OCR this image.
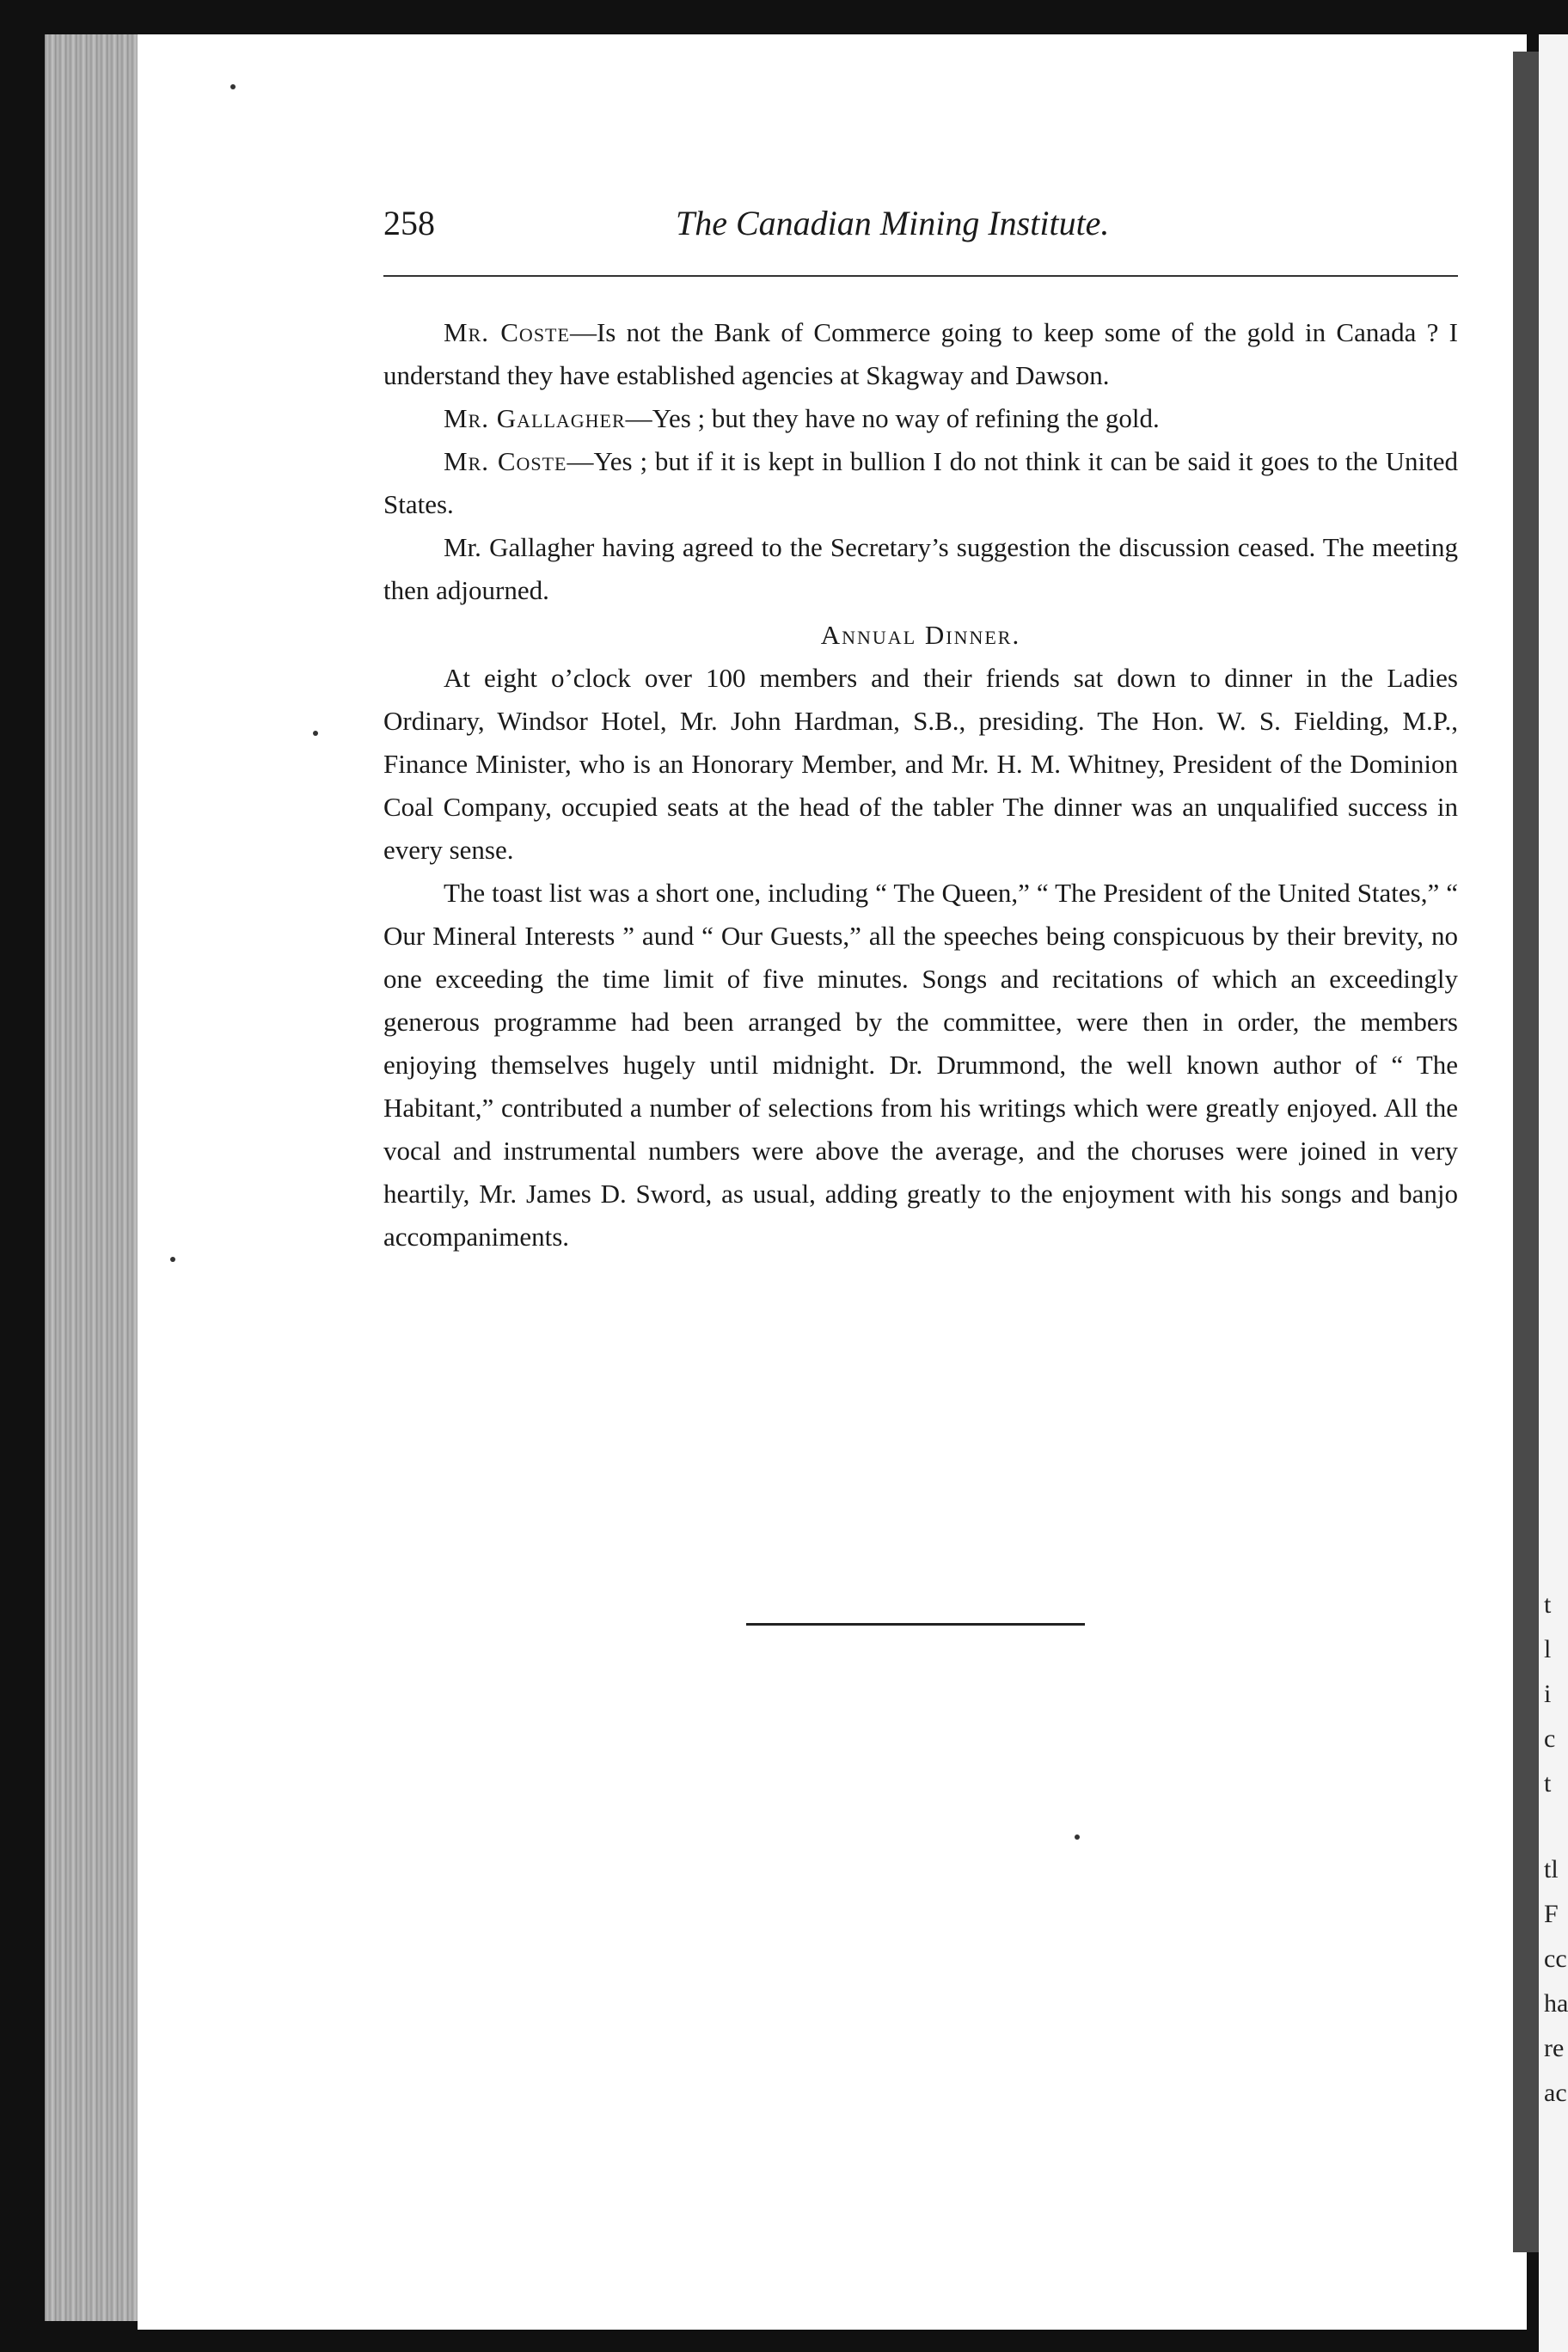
t
l
i
c
t
tl
F
cc
ha
re
ac
258	The Canadian Mining Institute.

Mr. Coste—Is not the Bank of Commerce going to keep some of the gold in Canada ? I understand they have established agencies at Skagway and Dawson.

Mr. Gallagher—Yes ; but they have no way of refining the gold.

Mr. Coste—Yes ; but if it is kept in bullion I do not think it can be said it goes to the United States.

Mr. Gallagher having agreed to the Secretary’s suggestion the discussion ceased. The meeting then adjourned.

Annual Dinner.

At eight o’clock over 100 members and their friends sat down to dinner in the Ladies Ordinary, Windsor Hotel, Mr. John Hardman, S.B., presiding. The Hon. W. S. Fielding, M.P., Finance Minister, who is an Honorary Member, and Mr. H. M. Whitney, President of the Dominion Coal Company, occupied seats at the head of the tabler The dinner was an unqualified success in every sense.

The toast list was a short one, including “ The Queen,” “ The President of the United States,” “ Our Mineral Interests ” aund “ Our Guests,” all the speeches being conspicuous by their brevity, no one exceeding the time limit of five minutes. Songs and recitations of which an exceedingly generous programme had been arranged by the committee, were then in order, the members enjoying themselves hugely until midnight. Dr. Drummond, the well known author of “ The Habitant,” contributed a number of selections from his writings which were greatly enjoyed. All the vocal and instrumental numbers were above the average, and the choruses were joined in very heartily, Mr. James D. Sword, as usual, adding greatly to the enjoyment with his songs and banjo accompaniments.
